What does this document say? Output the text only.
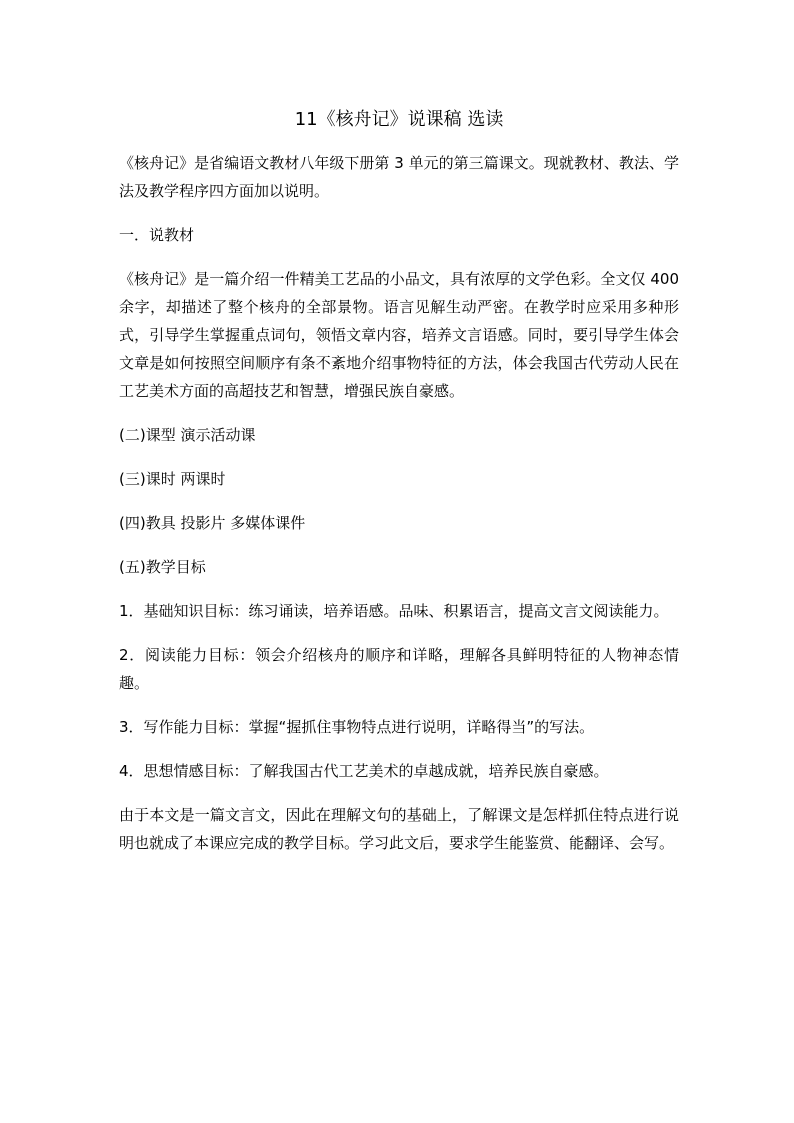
11《核舟记》说课稿 选读

《核舟记》是省编语文教材八年级下册第 3 单元的第三篇课文。现就教材、教法、学法及教学程序四方面加以说明。

一．说教材

《核舟记》是一篇介绍一件精美工艺品的小品文，具有浓厚的文学色彩。全文仅 400 余字，却描述了整个核舟的全部景物。语言见解生动严密。在教学时应采用多种形式，引导学生掌握重点词句，领悟文章内容，培养文言语感。同时，要引导学生体会文章是如何按照空间顺序有条不紊地介绍事物特征的方法，体会我国古代劳动人民在工艺美术方面的高超技艺和智慧，增强民族自豪感。

(二)课型 演示活动课

(三)课时 两课时

(四)教具 投影片 多媒体课件

(五)教学目标

1．基础知识目标：练习诵读，培养语感。品味、积累语言，提高文言文阅读能力。

2．阅读能力目标：领会介绍核舟的顺序和详略，理解各具鲜明特征的人物神态情趣。

3．写作能力目标：掌握“握抓住事物特点进行说明，详略得当”的写法。

4．思想情感目标：了解我国古代工艺美术的卓越成就，培养民族自豪感。

由于本文是一篇文言文，因此在理解文句的基础上，了解课文是怎样抓住特点进行说明也就成了本课应完成的教学目标。学习此文后，要求学生能鉴赏、能翻译、会写。
